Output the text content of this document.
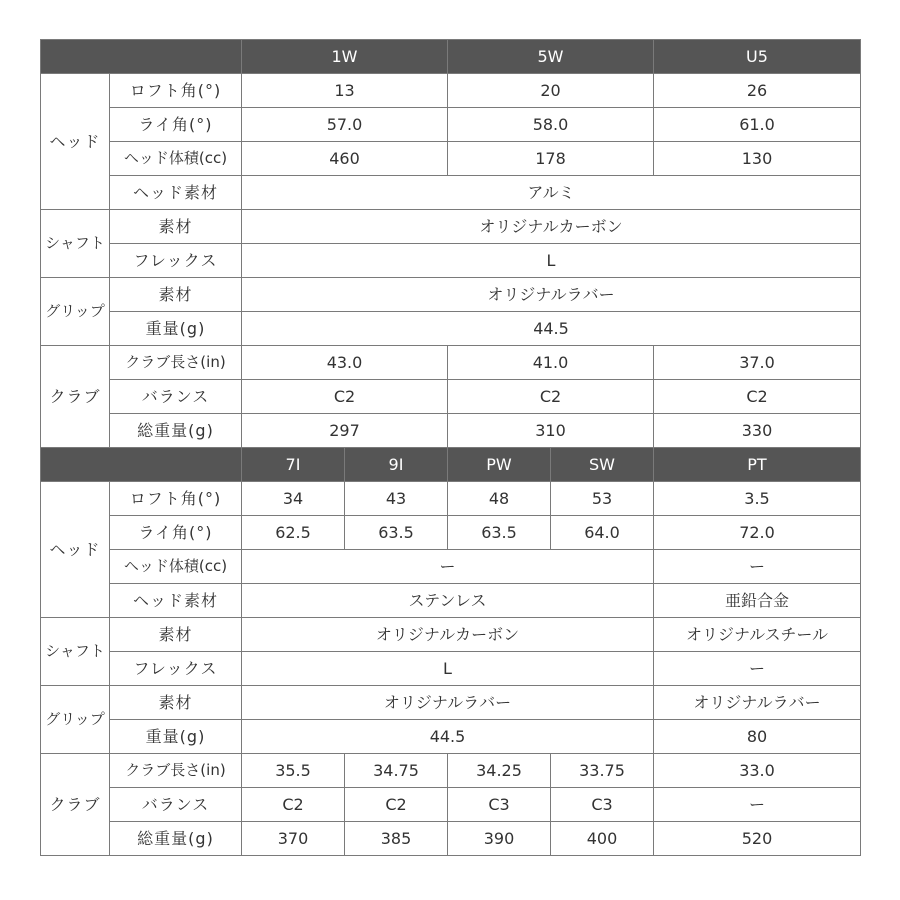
		1W		5W		U5
ヘッド	ロフト角(°)	13		20		26
	ライ角(°)	57.0		58.0		61.0
	ヘッド体積(cc)	460		178		130
	ヘッド素材	アルミ				
シャフト	素材	オリジナルカーボン				
	フレックス	L				
グリップ	素材	オリジナルラバー				
	重量(g)	44.5				
クラブ	クラブ長さ(in)	43.0		41.0		37.0
	バランス	C2		C2		C2
	総重量(g)	297		310		330
		7I	9I	PW	SW	PT
ヘッド	ロフト角(°)	34	43	48	53	3.5
	ライ角(°)	62.5	63.5	63.5	64.0	72.0
	ヘッド体積(cc)	ー				ー
	ヘッド素材	ステンレス				亜鉛合金
シャフト	素材	オリジナルカーボン				オリジナルスチール
	フレックス	L				ー
グリップ	素材	オリジナルラバー				オリジナルラバー
	重量(g)	44.5				80
クラブ	クラブ長さ(in)	35.5	34.75	34.25	33.75	33.0
	バランス	C2	C2	C3	C3	ー
	総重量(g)	370	385	390	400	520
